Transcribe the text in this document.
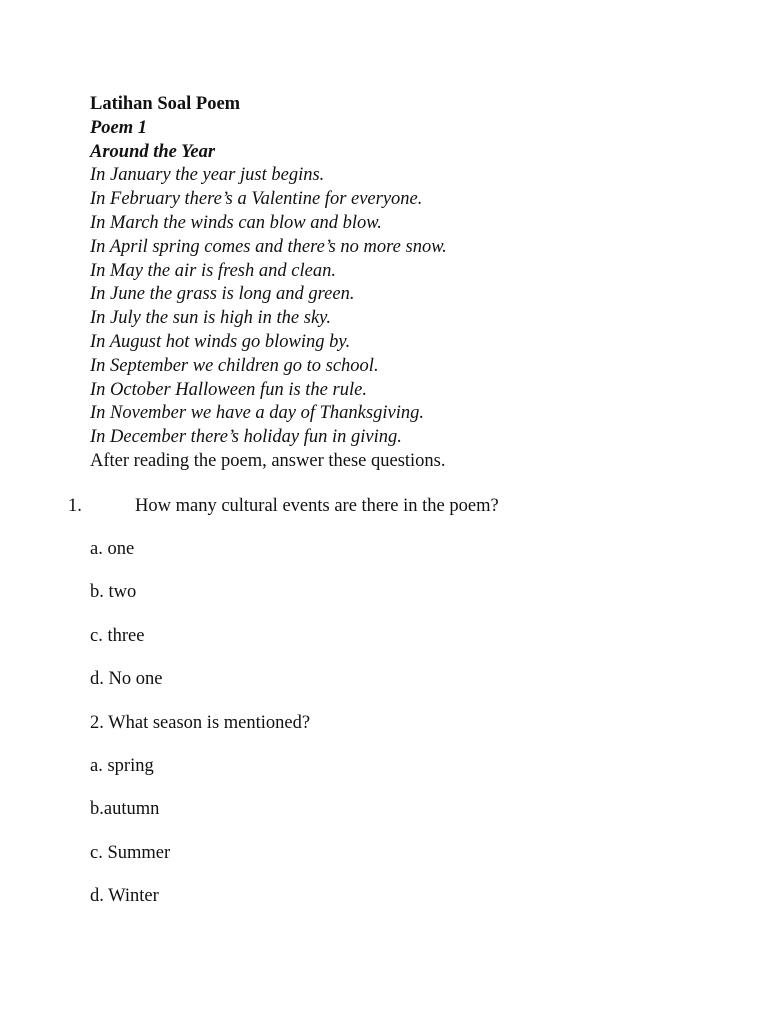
Latihan Soal Poem
Poem 1
Around the Year
In January the year just begins.
In February there’s a Valentine for everyone.
In March the winds can blow and blow.
In April spring comes and there’s no more snow.
In May the air is fresh and clean.
In June the grass is long and green.
In July the sun is high in the sky.
In August hot winds go blowing by.
In September we children go to school.
In October Halloween fun is the rule.
In November we have a day of Thanksgiving.
In December there’s holiday fun in giving.
After reading the poem, answer these questions.
1.	How many cultural events are there in the poem?
a. one
b. two
c. three
d. No one
2. What season is mentioned?
a. spring
b.autumn
c. Summer
d. Winter
